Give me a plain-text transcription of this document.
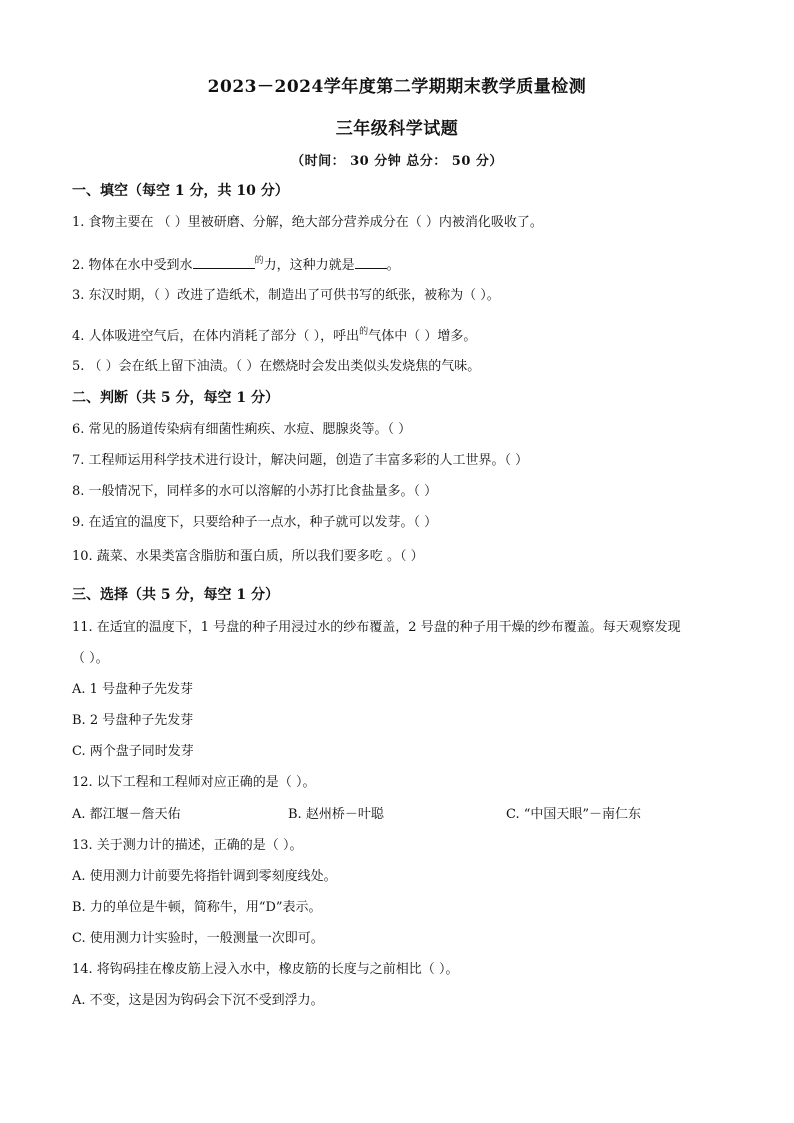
2023－2024学年度第二学期期末教学质量检测
三年级科学试题
（时间： 30 分钟 总分： 50 分）
一、填空（每空 1 分，共 10 分）
1. 食物主要在 （ ）里被研磨、分解，绝大部分营养成分在（ ）内被消化吸收了。
2. 物体在水中受到水	$^的$力，这种力就是 。
3. 东汉时期，（ ）改进了造纸术，制造出了可供书写的纸张，被称为（ ）。
4. 人体吸进空气后，在体内消耗了部分（ ），呼出$^的$气体中（ ）增多。
5. （ ）会在纸上留下油渍。（ ）在燃烧时会发出类似头发烧焦的气味。
二、判断（共 5 分，每空 1 分）
6. 常见的肠道传染病有细菌性痢疾、水痘、腮腺炎等。（ ）
7. 工程师运用科学技术进行设计，解决问题，创造了丰富多彩的人工世界。（ ）
8. 一般情况下，同样多的水可以溶解的小苏打比食盐量多。（ ）
9. 在适宜的温度下，只要给种子一点水，种子就可以发芽。（ ）
10. 蔬菜、水果类富含脂肪和蛋白质，所以我们要多吃 。（ ）
三、选择（共 5 分，每空 1 分）
11. 在适宜的温度下，1 号盘的种子用浸过水的纱布覆盖，2 号盘的种子用干燥的纱布覆盖。每天观察发现
（ ）。
A. 1 号盘种子先发芽
B. 2 号盘种子先发芽
C. 两个盘子同时发芽
12. 以下工程和工程师对应正确的是（ ）。
A. 都江堰－詹天佑	B. 赵州桥－叶聪	C. “中国天眼”－南仁东
13. 关于测力计的描述，正确的是（ ）。
A. 使用测力计前要先将指针调到零刻度线处。
B. 力的单位是牛顿，简称牛，用“D”表示。
C. 使用测力计实验时，一般测量一次即可。
14. 将钩码挂在橡皮筋上浸入水中，橡皮筋的长度与之前相比（ ）。
A. 不变，这是因为钩码会下沉不受到浮力。
